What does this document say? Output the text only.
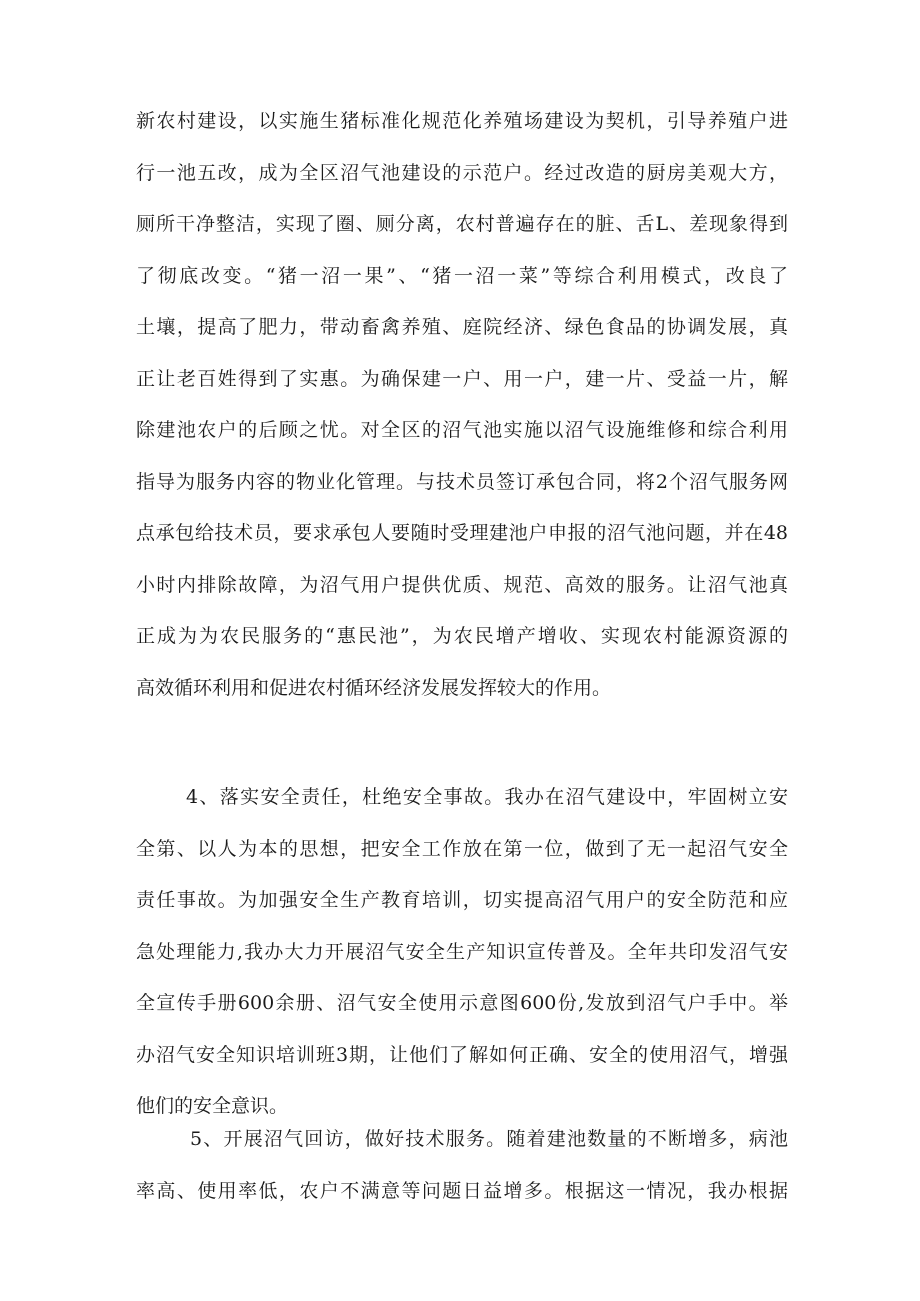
新农村建设，以实施生猪标准化规范化养殖场建设为契机，引导养殖户进
行一池五改，成为全区沼气池建设的示范户。经过改造的厨房美观大方，
厕所干净整洁，实现了圈、厕分离，农村普遍存在的脏、舌L、差现象得到
了彻底改变。“猪一沼一果”、“猪一沼一菜”等综合利用模式，改良了
土壤，提高了肥力，带动畜禽养殖、庭院经济、绿色食品的协调发展，真
正让老百姓得到了实惠。为确保建一户、用一户，建一片、受益一片，解
除建池农户的后顾之忧。对全区的沼气池实施以沼气设施维修和综合利用
指导为服务内容的物业化管理。与技术员签订承包合同，将2个沼气服务网
点承包给技术员，要求承包人要随时受理建池户申报的沼气池问题，并在48
小时内排除故障，为沼气用户提供优质、规范、高效的服务。让沼气池真
正成为为农民服务的“惠民池”，为农民增产增收、实现农村能源资源的
高效循环利用和促进农村循环经济发展发挥较大的作用。
4、落实安全责任，杜绝安全事故。我办在沼气建设中，牢固树立安
全第、以人为本的思想，把安全工作放在第一位，做到了无一起沼气安全
责任事故。为加强安全生产教育培训，切实提高沼气用户的安全防范和应
急处理能力,我办大力开展沼气安全生产知识宣传普及。全年共印发沼气安
全宣传手册600余册、沼气安全使用示意图600份,发放到沼气户手中。举
办沼气安全知识培训班3期，让他们了解如何正确、安全的使用沼气，增强
他们的安全意识。
5、开展沼气回访，做好技术服务。随着建池数量的不断增多，病池
率高、使用率低，农户不满意等问题日益增多。根据这一情况，我办根据
